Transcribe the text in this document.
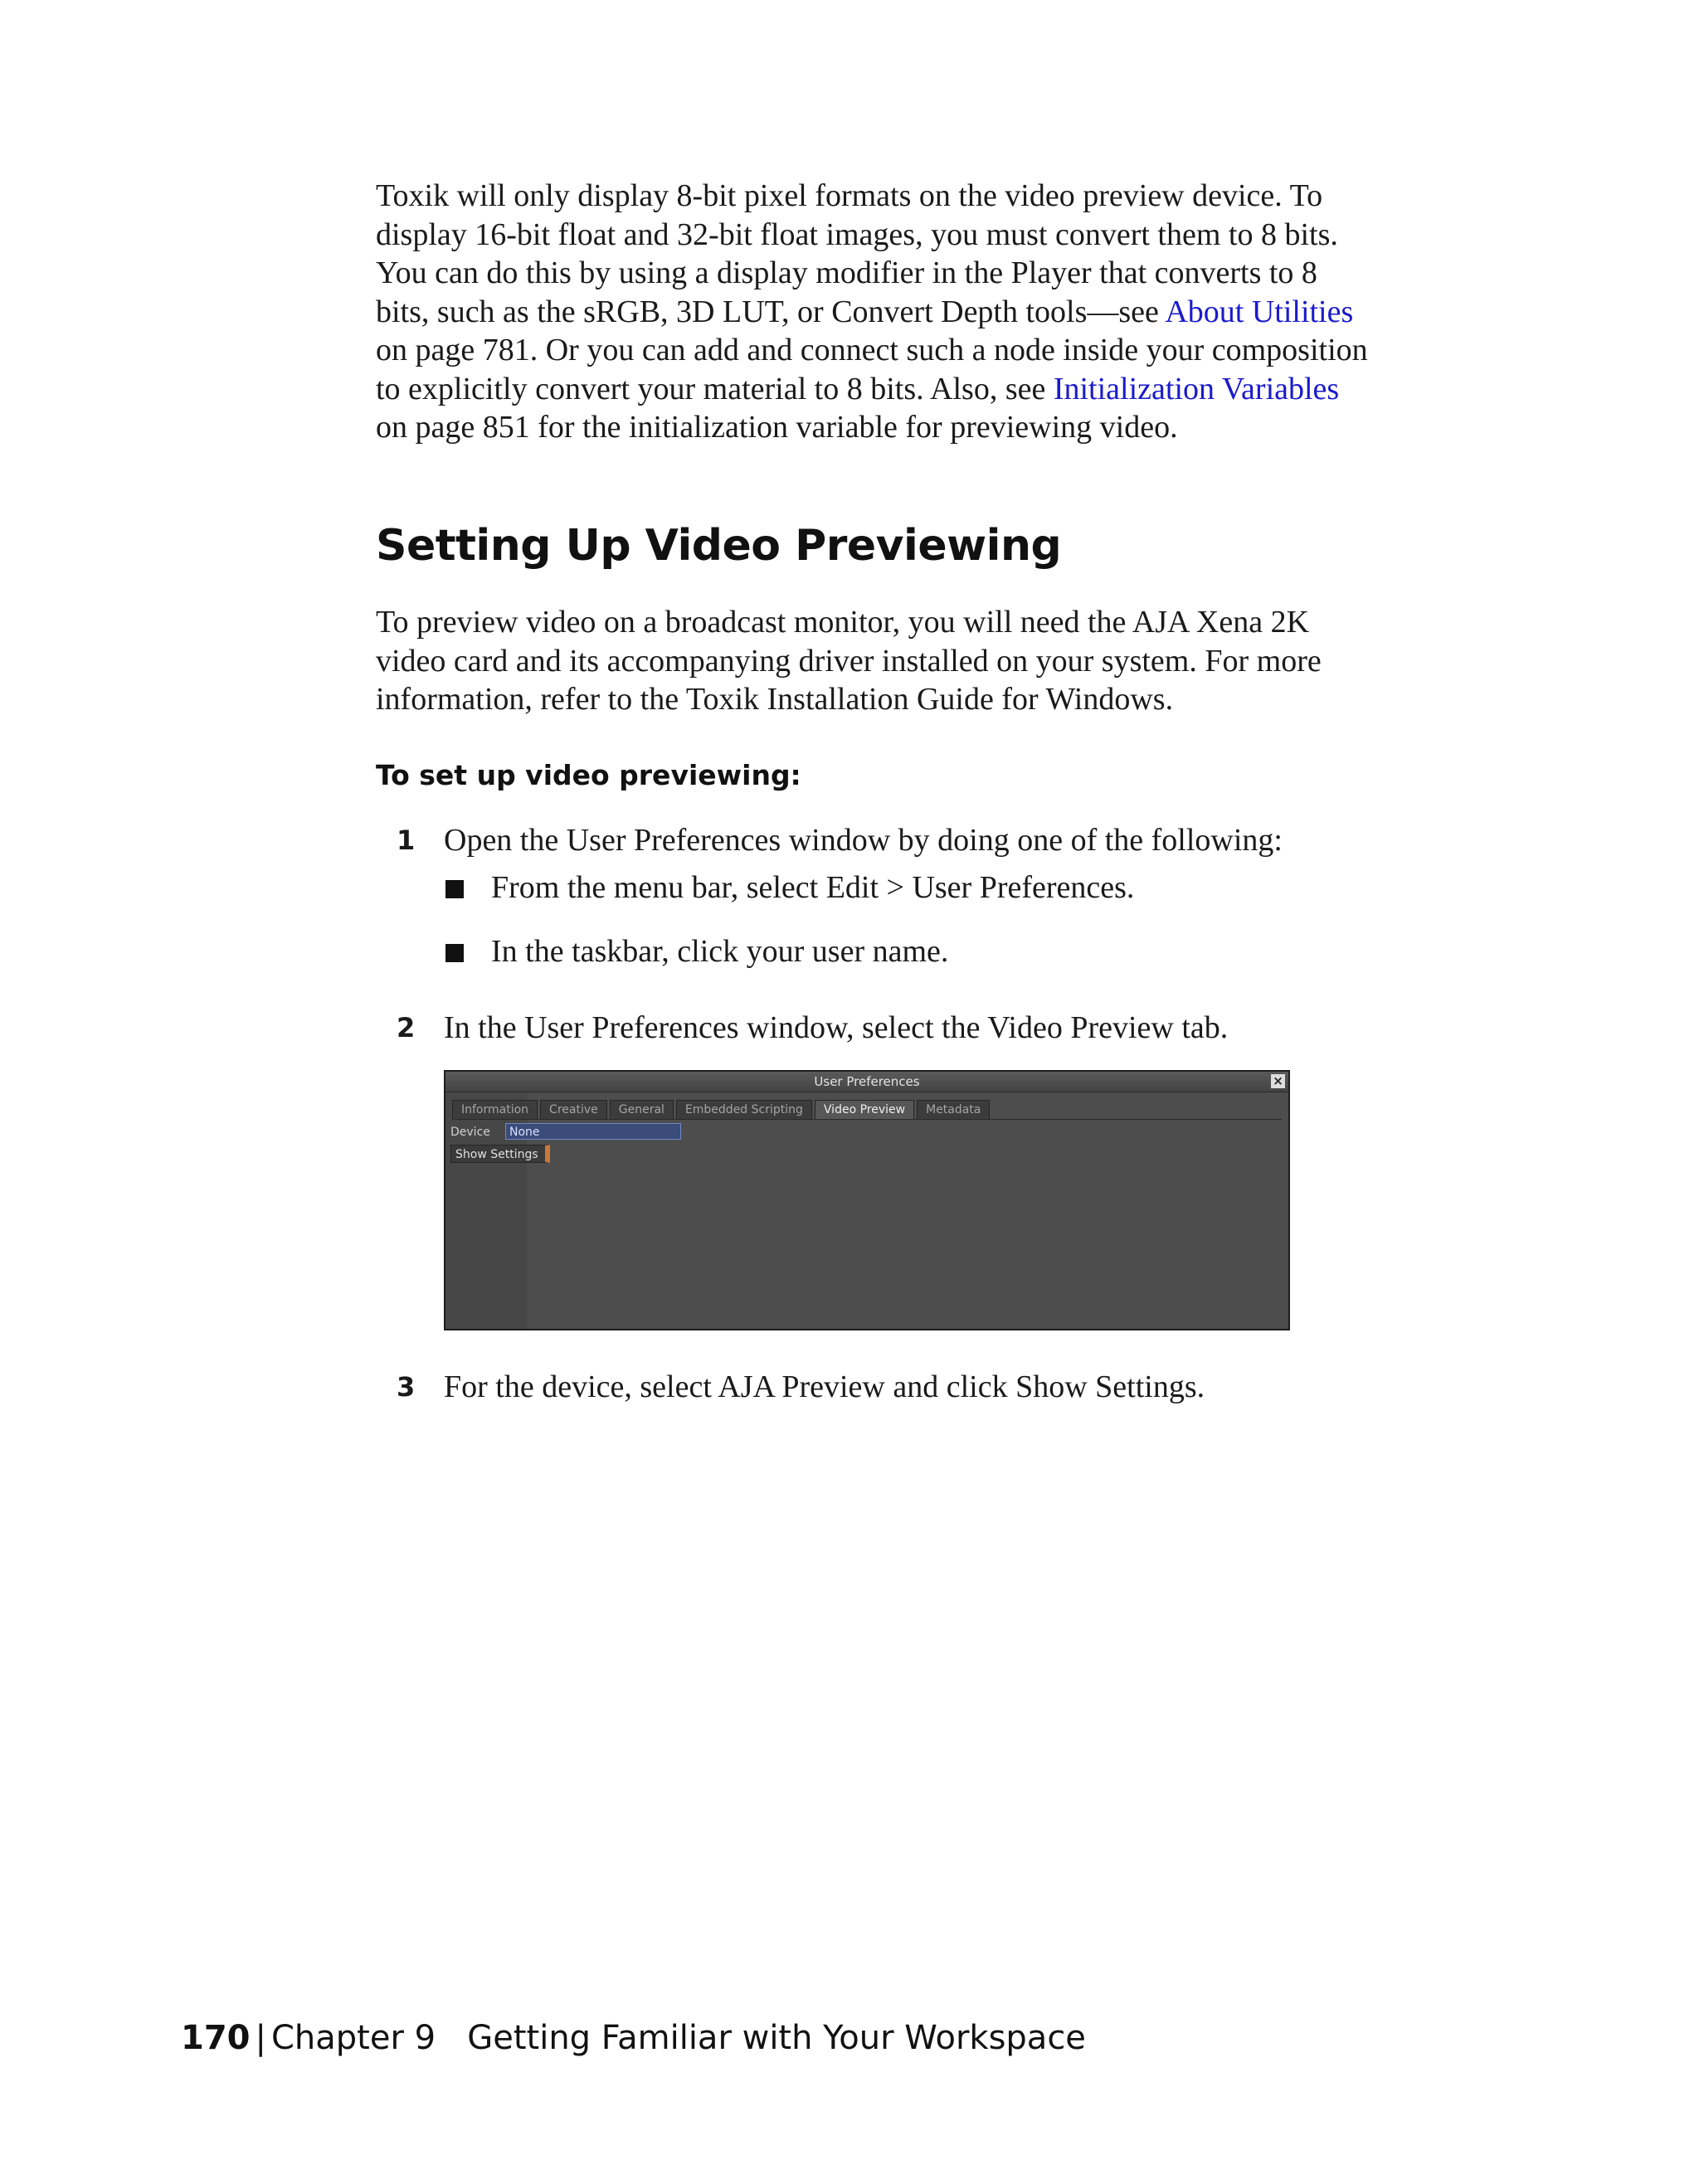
Toxik will only display 8-bit pixel formats on the video preview device. To
display 16-bit float and 32-bit float images, you must convert them to 8 bits.
You can do this by using a display modifier in the Player that converts to 8
bits, such as the sRGB, 3D LUT, or Convert Depth tools—see About Utilities
on page 781. Or you can add and connect such a node inside your composition
to explicitly convert your material to 8 bits. Also, see Initialization Variables
on page 851 for the initialization variable for previewing video.
Setting Up Video Previewing
To preview video on a broadcast monitor, you will need the AJA Xena 2K
video card and its accompanying driver installed on your system. For more
information, refer to the Toxik Installation Guide for Windows.
To set up video previewing:
1 Open the User Preferences window by doing one of the following:
From the menu bar, select Edit > User Preferences.
In the taskbar, click your user name.
2 In the User Preferences window, select the Video Preview tab.
User Preferences	×
Information	Creative	General	Embedded Scripting	Video Preview	Metadata
Device	None
Show Settings
3 For the device, select AJA Preview and click Show Settings.
170 | Chapter 9 Getting Familiar with Your Workspace
